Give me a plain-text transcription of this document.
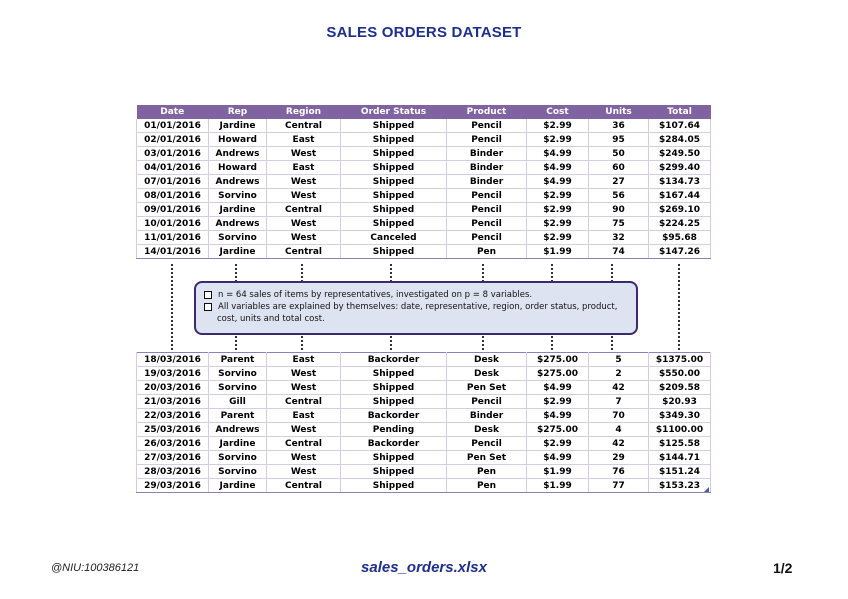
SALES ORDERS DATASET
Date	Rep	Region	Order Status	Product	Cost	Units	Total
01/01/2016	Jardine	Central	Shipped	Pencil	$2.99	36	$107.64
02/01/2016	Howard	East	Shipped	Pencil	$2.99	95	$284.05
03/01/2016	Andrews	West	Shipped	Binder	$4.99	50	$249.50
04/01/2016	Howard	East	Shipped	Binder	$4.99	60	$299.40
07/01/2016	Andrews	West	Shipped	Binder	$4.99	27	$134.73
08/01/2016	Sorvino	West	Shipped	Pencil	$2.99	56	$167.44
09/01/2016	Jardine	Central	Shipped	Pencil	$2.99	90	$269.10
10/01/2016	Andrews	West	Shipped	Pencil	$2.99	75	$224.25
11/01/2016	Sorvino	West	Canceled	Pencil	$2.99	32	$95.68
14/01/2016	Jardine	Central	Shipped	Pen	$1.99	74	$147.26
n = 64 sales of items by representatives, investigated on p = 8 variables.
All variables are explained by themselves: date, representative, region, order status, product,
cost, units and total cost.
18/03/2016	Parent	East	Backorder	Desk	$275.00	5	$1375.00
19/03/2016	Sorvino	West	Shipped	Desk	$275.00	2	$550.00
20/03/2016	Sorvino	West	Shipped	Pen Set	$4.99	42	$209.58
21/03/2016	Gill	Central	Shipped	Pencil	$2.99	7	$20.93
22/03/2016	Parent	East	Backorder	Binder	$4.99	70	$349.30
25/03/2016	Andrews	West	Pending	Desk	$275.00	4	$1100.00
26/03/2016	Jardine	Central	Backorder	Pencil	$2.99	42	$125.58
27/03/2016	Sorvino	West	Shipped	Pen Set	$4.99	29	$144.71
28/03/2016	Sorvino	West	Shipped	Pen	$1.99	76	$151.24
29/03/2016	Jardine	Central	Shipped	Pen	$1.99	77	$153.23
@NIU:100386121	sales_orders.xlsx	1/2
